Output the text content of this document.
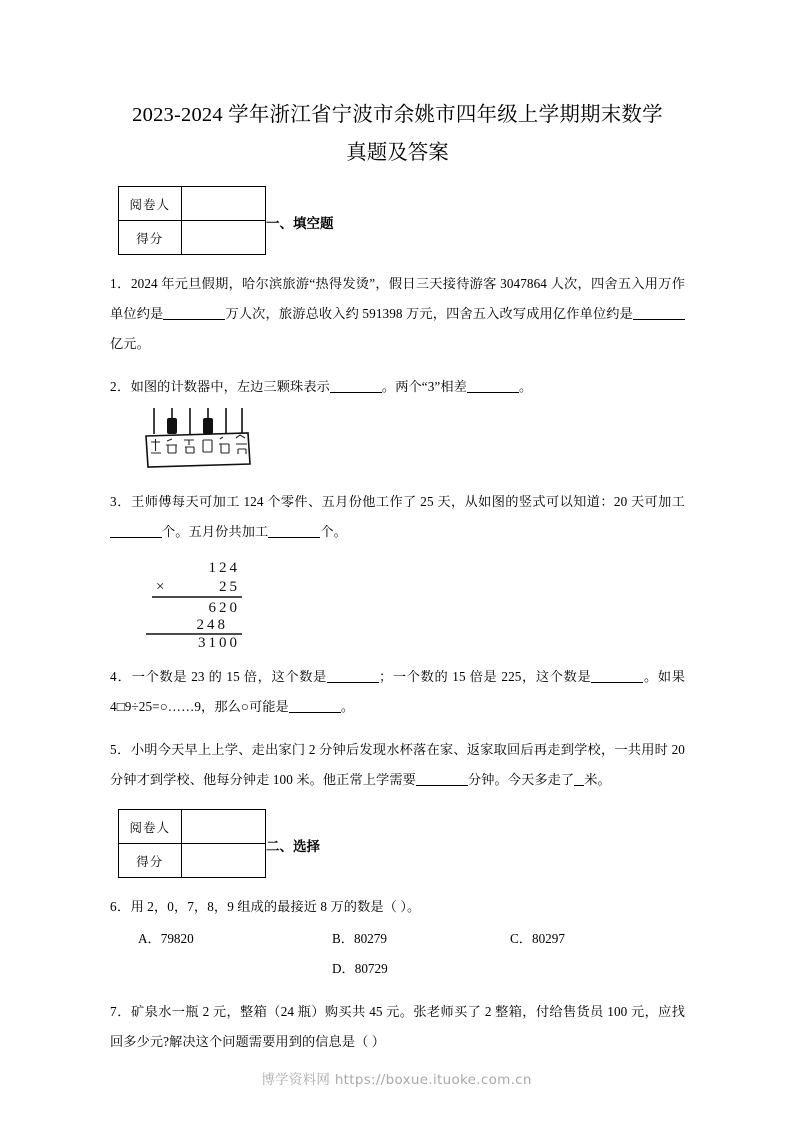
2023-2024 学年浙江省宁波市余姚市四年级上学期期末数学
真题及答案
阅卷人	
得分	
一、填空题
1．2024 年元旦假期，哈尔滨旅游“热得发烫”，假日三天接待游客 3047864 人次，四舍五入用万作单位约是	万人次，旅游总收入约 591398 万元，四舍五入改写成用亿作单位约是亿元。
2．如图的计数器中，左边三颗珠表示	。两个“3”相差	。
3．王师傅每天可加工 124 个零件、五月份他工作了 25 天，从如图的竖式可以知道：20 天可加工个。五月份共加工	个。
124
25
620
248
3100
×
4．一个数是 23 的 15 倍，这个数是	；一个数的 15 倍是 225，这个数是	。如果 4□9÷25=○……9，那么○可能是	。
5．小明今天早上上学、走出家门 2 分钟后发现水杯落在家、返家取回后再走到学校，一共用时 20 分钟才到学校、他每分钟走 100 米。他正常上学需要	分钟。今天多走了 米。
阅卷人	
得分	
二、选择
6．用 2，0，7，8，9 组成的最接近 8 万的数是（ ）。
A．79820	B．80279	C．80297
D．80729
7．矿泉水一瓶 2 元，整箱（24 瓶）购买共 45 元。张老师买了 2 整箱，付给售货员 100 元，应找回多少元?解决这个问题需要用到的信息是（ ）
博学资料网 https://boxue.ituoke.com.cn
